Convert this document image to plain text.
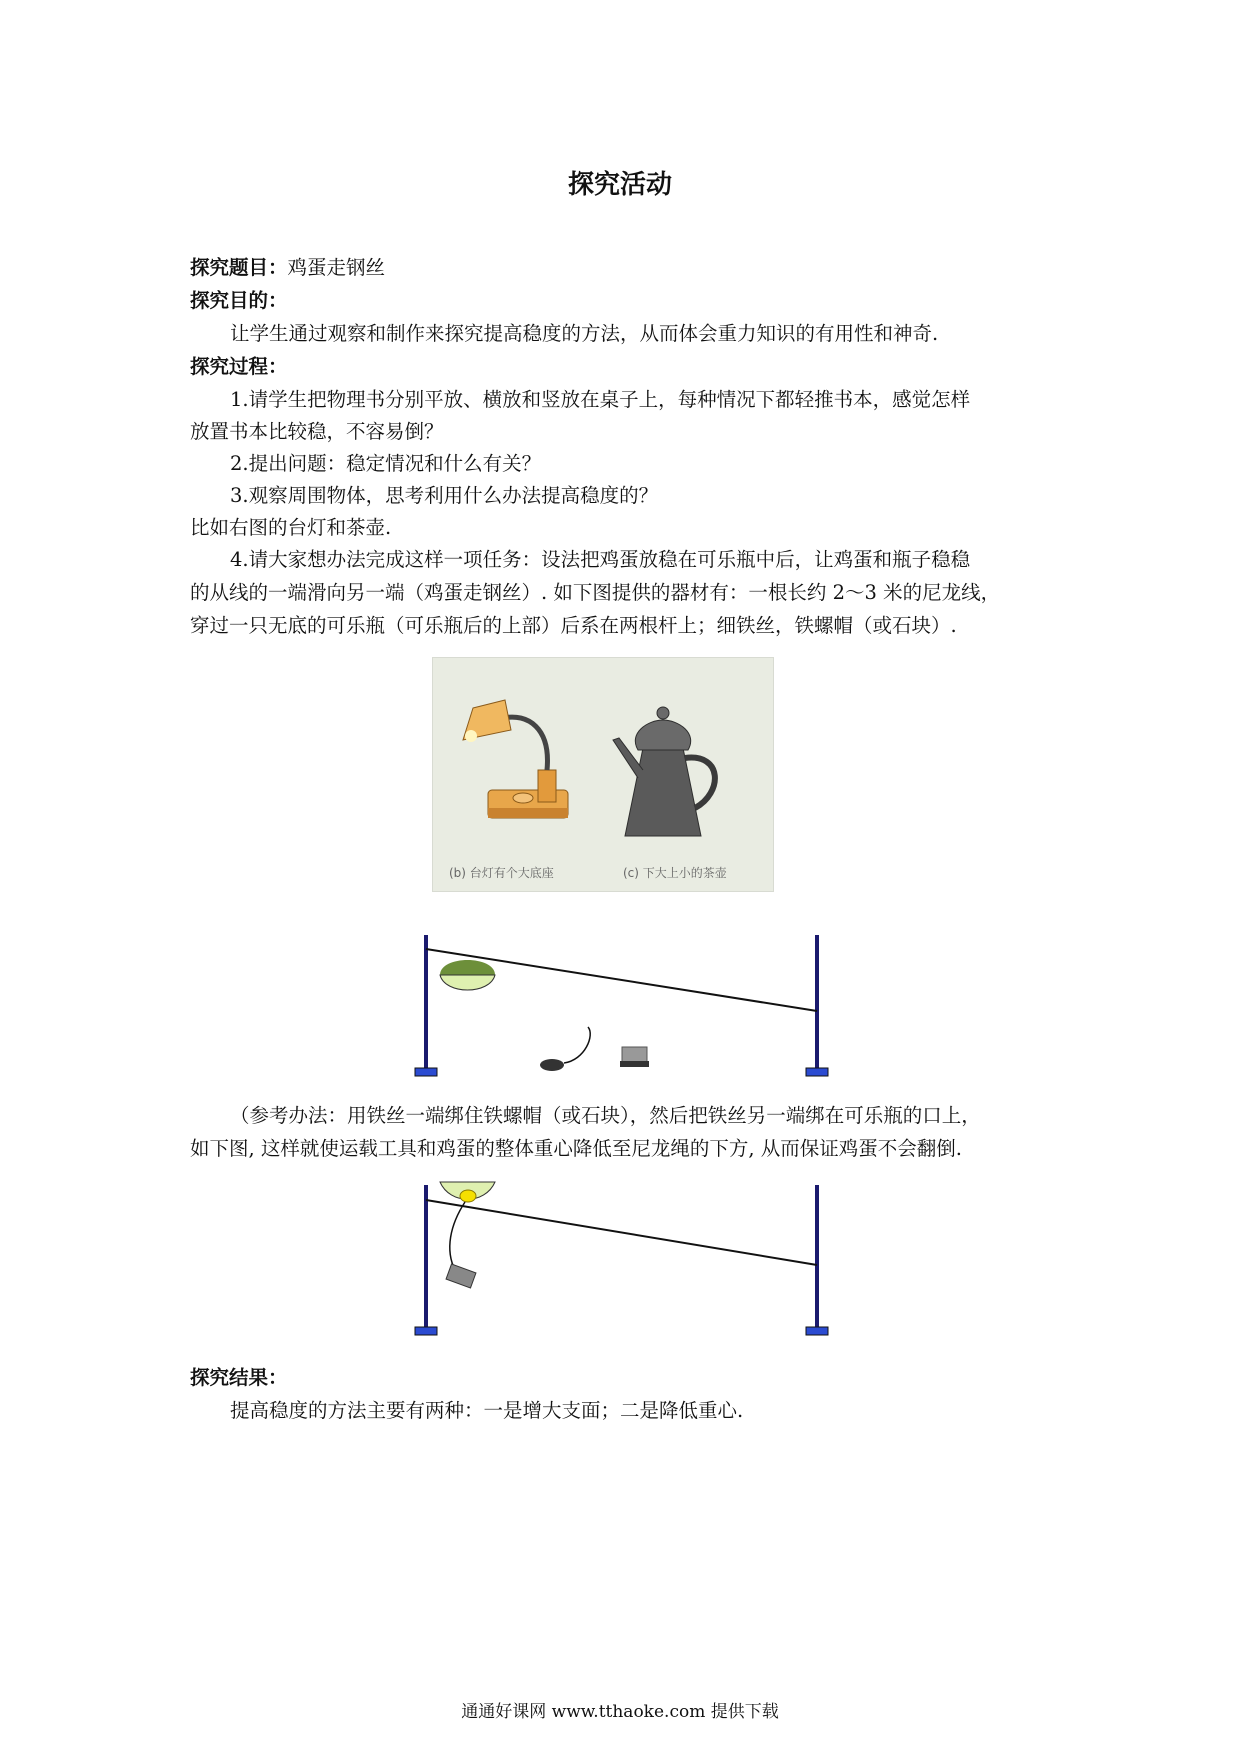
探究活动
探究题目：鸡蛋走钢丝
探究目的：
让学生通过观察和制作来探究提高稳度的方法，从而体会重力知识的有用性和神奇.
探究过程：
1.请学生把物理书分别平放、横放和竖放在桌子上，每种情况下都轻推书本，感觉怎样
放置书本比较稳，不容易倒？
2.提出问题：稳定情况和什么有关？
3.观察周围物体，思考利用什么办法提高稳度的？
比如右图的台灯和茶壶.
4.请大家想办法完成这样一项任务：设法把鸡蛋放稳在可乐瓶中后，让鸡蛋和瓶子稳稳
的从线的一端滑向另一端（鸡蛋走钢丝）. 如下图提供的器材有：一根长约 2～3 米的尼龙线，
穿过一只无底的可乐瓶（可乐瓶后的上部）后系在两根杆上；细铁丝，铁螺帽（或石块）.
(b) 台灯有个大底座	(c) 下大上小的茶壶
（参考办法：用铁丝一端绑住铁螺帽（或石块），然后把铁丝另一端绑在可乐瓶的口上，
如下图, 这样就使运载工具和鸡蛋的整体重心降低至尼龙绳的下方, 从而保证鸡蛋不会翻倒.
探究结果：
提高稳度的方法主要有两种：一是增大支面；二是降低重心.
通通好课网 www.tthaoke.com 提供下载
